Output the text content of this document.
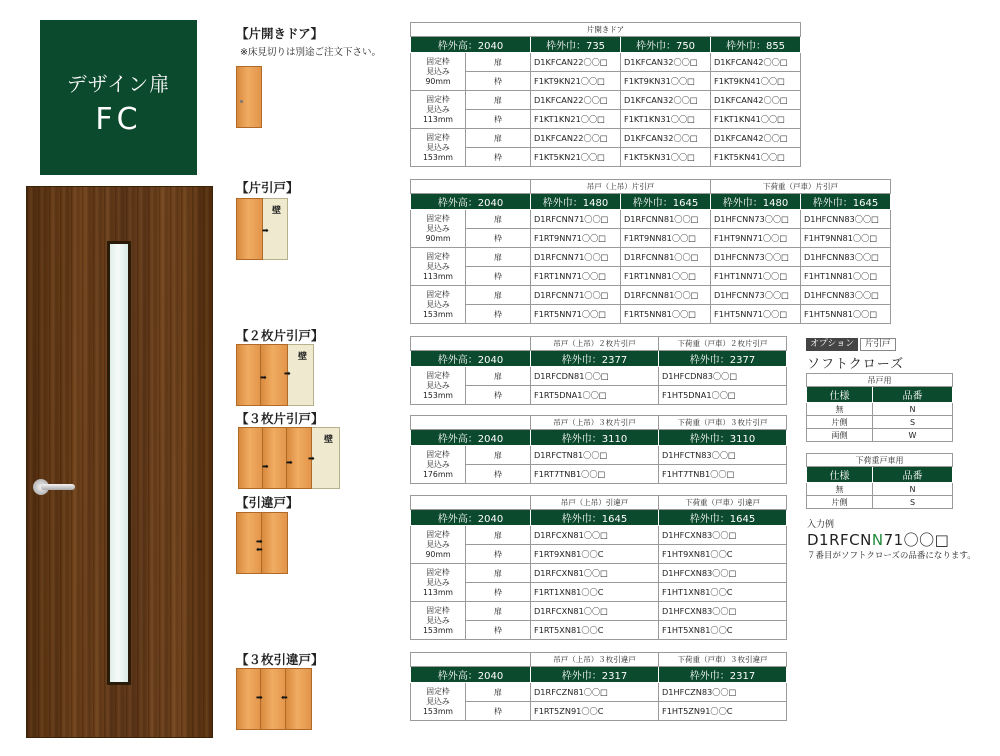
デザイン扉
FC
【片開きドア】
※床見切りは別途ご注文下さい。
【片引戸】
【２枚片引戸】
【３枚片引戸】
【引違戸】
【３枚引違戸】
壁
➡
壁
➡ ➡
壁
➡ ➡ ➡
➡
⬅
➡ ⬅
片開きドア				
枠外高：2040		枠外巾：735	枠外巾：750	枠外巾：855

固定枠
見込み
90mm	扉	D1KFCAN22〇〇□	D1KFCAN32〇〇□	D1KFCAN42〇〇□
	枠	F1KT9KN21〇〇□	F1KT9KN31〇〇□	F1KT9KN41〇〇□

固定枠
見込み
113mm	扉	D1KFCAN22〇〇□	D1KFCAN32〇〇□	D1KFCAN42〇〇□
	枠	F1KT1KN21〇〇□	F1KT1KN31〇〇□	F1KT1KN41〇〇□

固定枠
見込み
153mm	扉	D1KFCAN22〇〇□	D1KFCAN32〇〇□	D1KFCAN42〇〇□
	枠	F1KT5KN21〇〇□	F1KT5KN31〇〇□	F1KT5KN41〇〇□
		吊戸（上吊）片引戸		下荷重（戸車）片引戸	
枠外高：2040		枠外巾：1480	枠外巾：1645	枠外巾：1480	枠外巾：1645

固定枠
見込み
90mm	扉	D1RFCNN71〇〇□	D1RFCNN81〇〇□	D1HFCNN73〇〇□	D1HFCNN83〇〇□
	枠	F1RT9NN71〇〇□	F1RT9NN81〇〇□	F1HT9NN71〇〇□	F1HT9NN81〇〇□

固定枠
見込み
113mm	扉	D1RFCNN71〇〇□	D1RFCNN81〇〇□	D1HFCNN73〇〇□	D1HFCNN83〇〇□
	枠	F1RT1NN71〇〇□	F1RT1NN81〇〇□	F1HT1NN71〇〇□	F1HT1NN81〇〇□

固定枠
見込み
153mm	扉	D1RFCNN71〇〇□	D1RFCNN81〇〇□	D1HFCNN73〇〇□	D1HFCNN83〇〇□
	枠	F1RT5NN71〇〇□	F1RT5NN81〇〇□	F1HT5NN71〇〇□	F1HT5NN81〇〇□
		吊戸（上吊）２枚片引戸	下荷重（戸車）２枚片引戸
枠外高：2040		枠外巾：2377	枠外巾：2377

固定枠
見込み
153mm	扉	D1RFCDN81〇〇□	D1HFCDN83〇〇□
	枠	F1RT5DNA1〇〇□	F1HT5DNA1〇〇□
		吊戸（上吊）３枚片引戸	下荷重（戸車）３枚片引戸
枠外高：2040		枠外巾：3110	枠外巾：3110

固定枠
見込み
176mm	扉	D1RFCTN81〇〇□	D1HFCTN83〇〇□
	枠	F1RT7TNB1〇〇□	F1HT7TNB1〇〇□
		吊戸（上吊）引違戸	下荷重（戸車）引違戸
枠外高：2040		枠外巾：1645	枠外巾：1645

固定枠
見込み
90mm	扉	D1RFCXN81〇〇□	D1HFCXN83〇〇□
	枠	F1RT9XN81〇〇C	F1HT9XN81〇〇C

固定枠
見込み
113mm	扉	D1RFCXN81〇〇□	D1HFCXN83〇〇□
	枠	F1RT1XN81〇〇C	F1HT1XN81〇〇C

固定枠
見込み
153mm	扉	D1RFCXN81〇〇□	D1HFCXN83〇〇□
	枠	F1RT5XN81〇〇C	F1HT5XN81〇〇C
		吊戸（上吊）３枚引違戸	下荷重（戸車）３枚引違戸
枠外高：2040		枠外巾：2317	枠外巾：2317

固定枠
見込み
153mm	扉	D1RFCZN81〇〇□	D1HFCZN83〇〇□
	枠	F1RT5ZN91〇〇C	F1HT5ZN91〇〇C
オプション	片引戸
ソフトクローズ
吊戸用	
仕様	品番
無	N
片側	S
両側	W
下荷重戸車用	
仕様	品番
無	N
片側	S
入力例
D1RFCNN71〇〇□
７番目がソフトクローズの品番になります。
